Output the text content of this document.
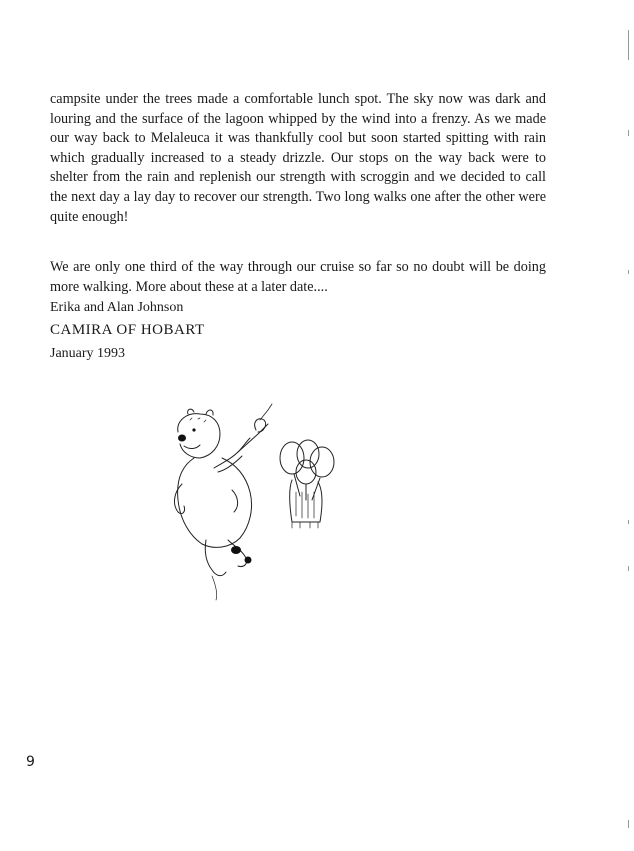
campsite under the trees made a comfortable lunch spot. The sky now was dark and louring and the surface of the lagoon whipped by the wind into a frenzy. As we made our way back to Melaleuca it was thankfully cool but soon started spitting with rain which gradually increased to a steady drizzle. Our stops on the way back were to shelter from the rain and replenish our strength with scroggin and we decided to call the next day a lay day to recover our strength. Two long walks one after the other were quite enough!

We are only one third of the way through our cruise so far so no doubt will be doing more walking. More about these at a later date....

Erika and Alan Johnson
CAMIRA OF HOBART
January 1993
9
